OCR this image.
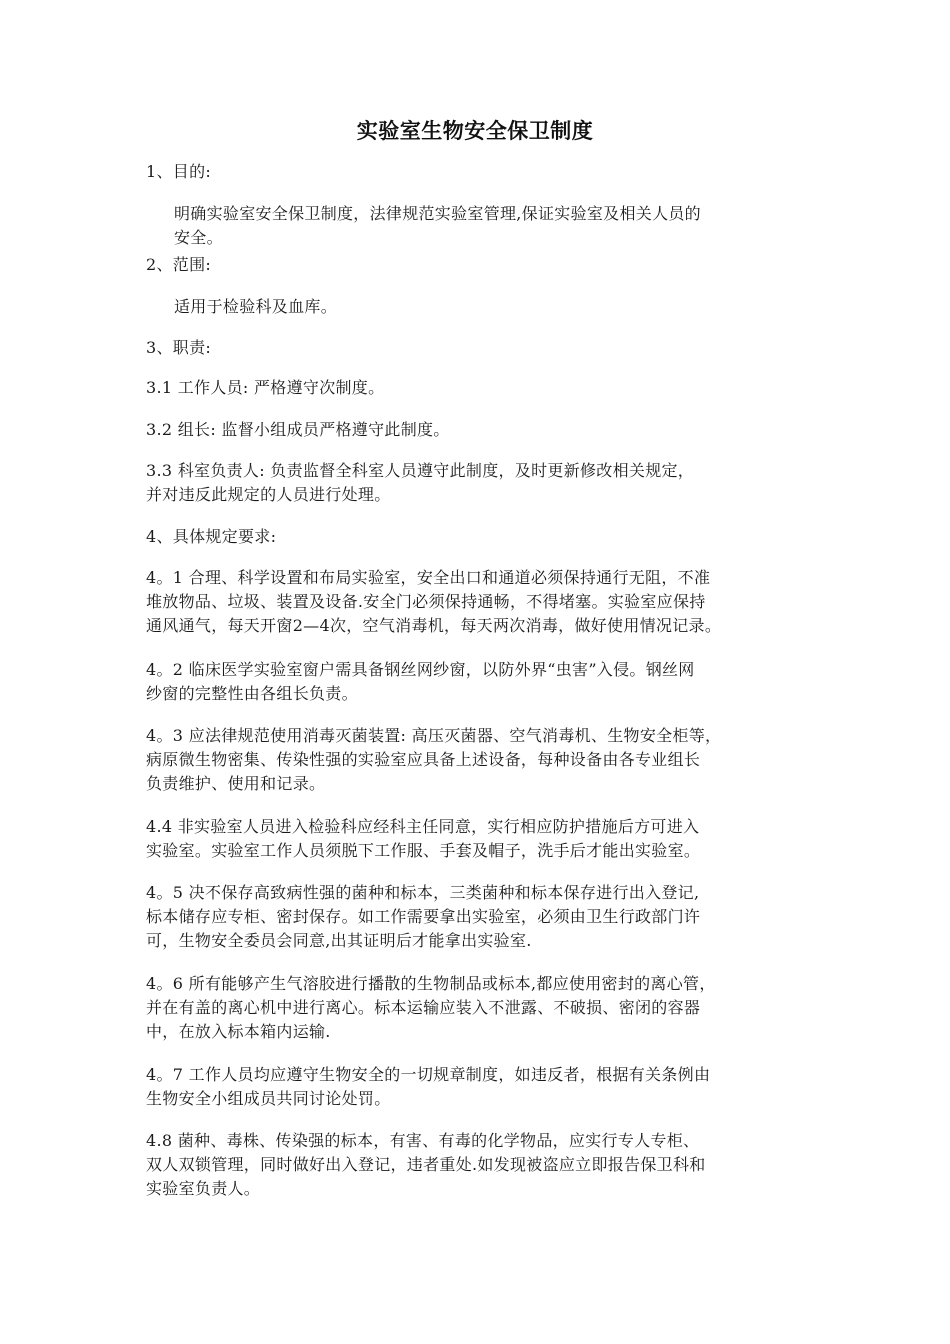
实验室生物安全保卫制度
1、目的:
明确实验室安全保卫制度，法律规范实验室管理,保证实验室及相关人员的
安全。
2、范围:
适用于检验科及血库。
3、职责:
3.1 工作人员: 严格遵守次制度。
3.2 组长: 监督小组成员严格遵守此制度。
3.3 科室负责人: 负责监督全科室人员遵守此制度，及时更新修改相关规定，
并对违反此规定的人员进行处理。
4、具体规定要求:
4。1 合理、科学设置和布局实验室，安全出口和通道必须保持通行无阻，不准
堆放物品、垃圾、装置及设备.安全门必须保持通畅，不得堵塞。实验室应保持
通风通气，每天开窗2—4次，空气消毒机，每天两次消毒，做好使用情况记录。
4。2 临床医学实验室窗户需具备钢丝网纱窗，以防外界“虫害”入侵。钢丝网
纱窗的完整性由各组长负责。
4。3 应法律规范使用消毒灭菌装置: 高压灭菌器、空气消毒机、生物安全柜等，
病原微生物密集、传染性强的实验室应具备上述设备，每种设备由各专业组长
负责维护、使用和记录。
4.4 非实验室人员进入检验科应经科主任同意，实行相应防护措施后方可进入
实验室。实验室工作人员须脱下工作服、手套及帽子，洗手后才能出实验室。
4。5 决不保存高致病性强的菌种和标本，三类菌种和标本保存进行出入登记,
标本储存应专柜、密封保存。如工作需要拿出实验室，必须由卫生行政部门许
可，生物安全委员会同意,出其证明后才能拿出实验室.
4。6 所有能够产生气溶胶进行播散的生物制品或标本,都应使用密封的离心管，
并在有盖的离心机中进行离心。标本运输应装入不泄露、不破损、密闭的容器
中，在放入标本箱内运输.
4。7 工作人员均应遵守生物安全的一切规章制度，如违反者，根据有关条例由
生物安全小组成员共同讨论处罚。
4.8 菌种、毒株、传染强的标本，有害、有毒的化学物品，应实行专人专柜、
双人双锁管理，同时做好出入登记，违者重处.如发现被盗应立即报告保卫科和
实验室负责人。
